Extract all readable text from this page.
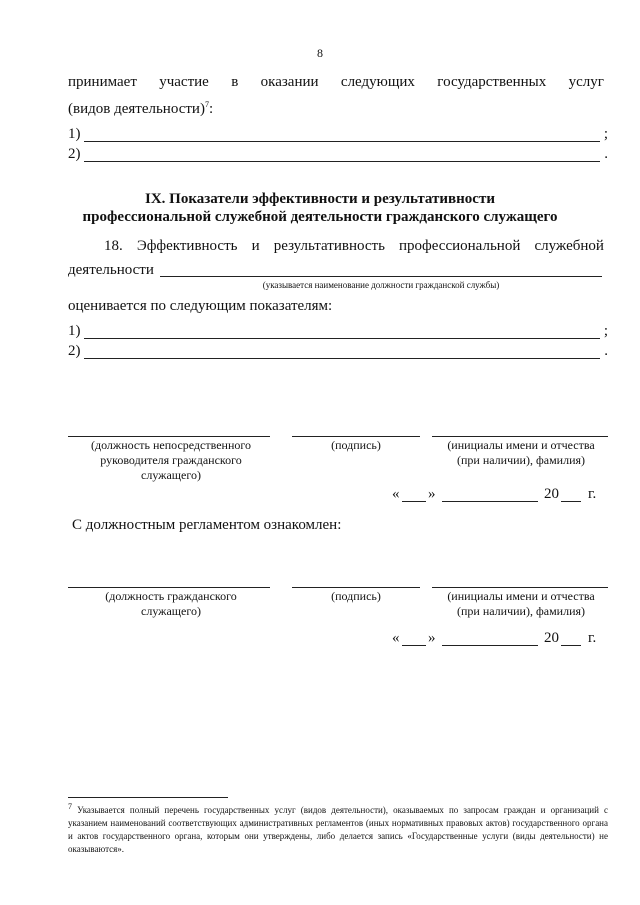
8
принимает участие в оказании следующих государственных услуг
(видов деятельности)$^7$:
1)	;
2)	.
IX. Показатели эффективности и результативности
профессиональной служебной деятельности гражданского служащего
18. Эффективность и результативность профессиональной служебной
деятельности
(указывается наименование должности гражданской службы)
оценивается по следующим показателям:
1)	;
2)	.
(должность непосредственного руководителя гражданского служащего)
(подпись)	(инициалы имени и отчества (при наличии), фамилия)
« »	20 г.
С должностным регламентом ознакомлен:
(должность гражданского служащего)
(подпись)	(инициалы имени и отчества (при наличии), фамилия)
« »	20 г.
$^7$ Указывается полный перечень государственных услуг (видов деятельности), оказываемых по запросам граждан и организаций с указанием наименований соответствующих административных регламентов (иных нормативных правовых актов) государственного органа и актов государственного органа, которым они утверждены, либо делается запись «Государственные услуги (виды деятельности) не оказываются».
